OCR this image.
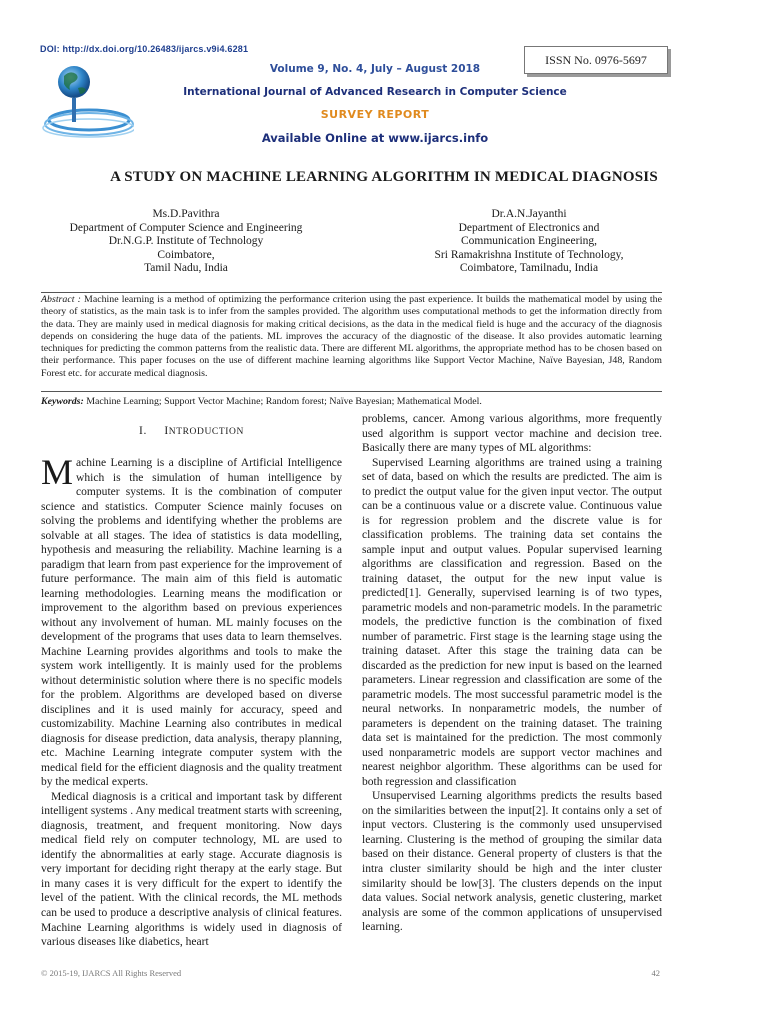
DOI: http://dx.doi.org/10.26483/ijarcs.v9i4.6281
Volume 9, No. 4, July – August 2018
International Journal of Advanced Research in Computer Science
SURVEY REPORT
Available Online at www.ijarcs.info
ISSN No. 0976-5697
A STUDY ON MACHINE LEARNING ALGORITHM IN MEDICAL DIAGNOSIS
Ms.D.Pavithra
Department of Computer Science and Engineering
Dr.N.G.P. Institute of Technology
Coimbatore,
Tamil Nadu, India
Dr.A.N.Jayanthi
Department of Electronics and
Communication Engineering,
Sri Ramakrishna Institute of Technology,
Coimbatore, Tamilnadu, India
Abstract : Machine learning is a method of optimizing the performance criterion using the past experience. It builds the mathematical model by using the theory of statistics, as the main task is to infer from the samples provided. The algorithm uses computational methods to get the information directly from the data. They are mainly used in medical diagnosis for making critical decisions, as the data in the medical field is huge and the accuracy of the diagnosis depends on considering the huge data of the patients. ML improves the accuracy of the diagnostic of the disease. It also provides automatic learning techniques for predicting the common patterns from the realistic data. There are different ML algorithms, the appropriate method has to be chosen based on their performance. This paper focuses on the use of different machine learning algorithms like Support Vector Machine, Naïve Bayesian, J48, Random Forest etc. for accurate medical diagnosis.
Keywords: Machine Learning; Support Vector Machine; Random forest; Naïve Bayesian; Mathematical Model.
I. INTRODUCTION

Machine Learning is a discipline of Artificial Intelligence which is the simulation of human intelligence by computer systems. It is the combination of computer science and statistics. Computer Science mainly focuses on solving the problems and identifying whether the problems are solvable at all stages. The idea of statistics is data modelling, hypothesis and measuring the reliability. Machine learning is a paradigm that learn from past experience for the improvement of future performance. The main aim of this field is automatic learning methodologies. Learning means the modification or improvement to the algorithm based on previous experiences without any involvement of human. ML mainly focuses on the development of the programs that uses data to learn themselves. Machine Learning provides algorithms and tools to make the system work intelligently. It is mainly used for the problems without deterministic solution where there is no specific models for the problem. Algorithms are developed based on diverse disciplines and it is used mainly for accuracy, speed and customizability. Machine Learning also contributes in medical diagnosis for disease prediction, data analysis, therapy planning, etc. Machine Learning integrate computer system with the medical field for the efficient diagnosis and the quality treatment by the medical experts.

Medical diagnosis is a critical and important task by different intelligent systems . Any medical treatment starts with screening, diagnosis, treatment, and frequent monitoring. Now days medical field rely on computer technology, ML are used to identify the abnormalities at early stage. Accurate diagnosis is very important for deciding right therapy at the early stage. But in many cases it is very difficult for the expert to identify the level of the patient. With the clinical records, the ML methods can be used to produce a descriptive analysis of clinical features. Machine Learning algorithms is widely used in diagnosis of various diseases like diabetics, heart

problems, cancer. Among various algorithms, more frequently used algorithm is support vector machine and decision tree. Basically there are many types of ML algorithms:

Supervised Learning algorithms are trained using a training set of data, based on which the results are predicted. The aim is to predict the output value for the given input vector. The output can be a continuous value or a discrete value. Continuous value is for regression problem and the discrete value is for classification problems. The training data set contains the sample input and output values. Popular supervised learning algorithms are classification and regression. Based on the training dataset, the output for the new input value is predicted[1]. Generally, supervised learning is of two types, parametric models and non-parametric models. In the parametric models, the predictive function is the combination of fixed number of parametric. First stage is the learning stage using the training dataset. After this stage the training data can be discarded as the prediction for new input is based on the learned parameters. Linear regression and classification are some of the parametric models. The most successful parametric model is the neural networks. In nonparametric models, the number of parameters is dependent on the training dataset. The training data set is maintained for the prediction. The most commonly used nonparametric models are support vector machines and nearest neighbor algorithm. These algorithms can be used for both regression and classification

Unsupervised Learning algorithms predicts the results based on the similarities between the input[2]. It contains only a set of input vectors. Clustering is the commonly used unsupervised learning. Clustering is the method of grouping the similar data based on their distance. General property of clusters is that the intra cluster similarity should be high and the inter cluster similarity should be low[3]. The clusters depends on the input data values. Social network analysis, genetic clustering, market analysis are some of the common applications of unsupervised learning.

© 2015-19, IJARCS All Rights Reserved	42
